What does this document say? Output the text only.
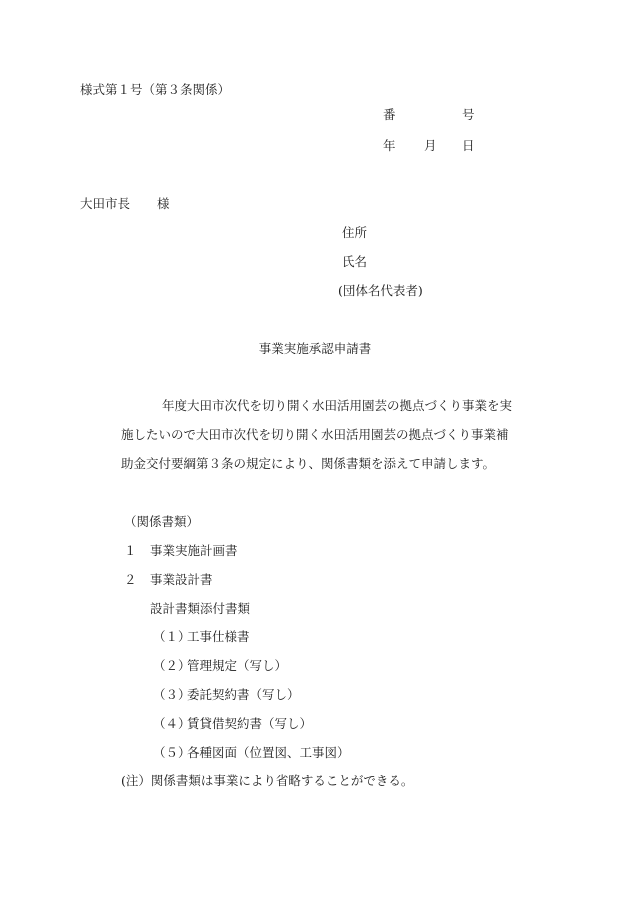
様式第１号（第３条関係）
番	号
年 月 日
大田市長 様
住所
氏名
(団体名代表者)
事業実施承認申請書
年度大田市次代を切り開く水田活用園芸の拠点づくり事業を実
施したいので大田市次代を切り開く水田活用園芸の拠点づくり事業補
助金交付要綱第３条の規定により、関係書類を添えて申請します。
（関係書類）
１ 事業実施計画書
２ 事業設計書
設計書類添付書類
（１）工事仕様書
（２）管理規定（写し）
（３）委託契約書（写し）
（４）賃貸借契約書（写し）
（５）各種図面（位置図、工事図）
(注）関係書類は事業により省略することができる。
